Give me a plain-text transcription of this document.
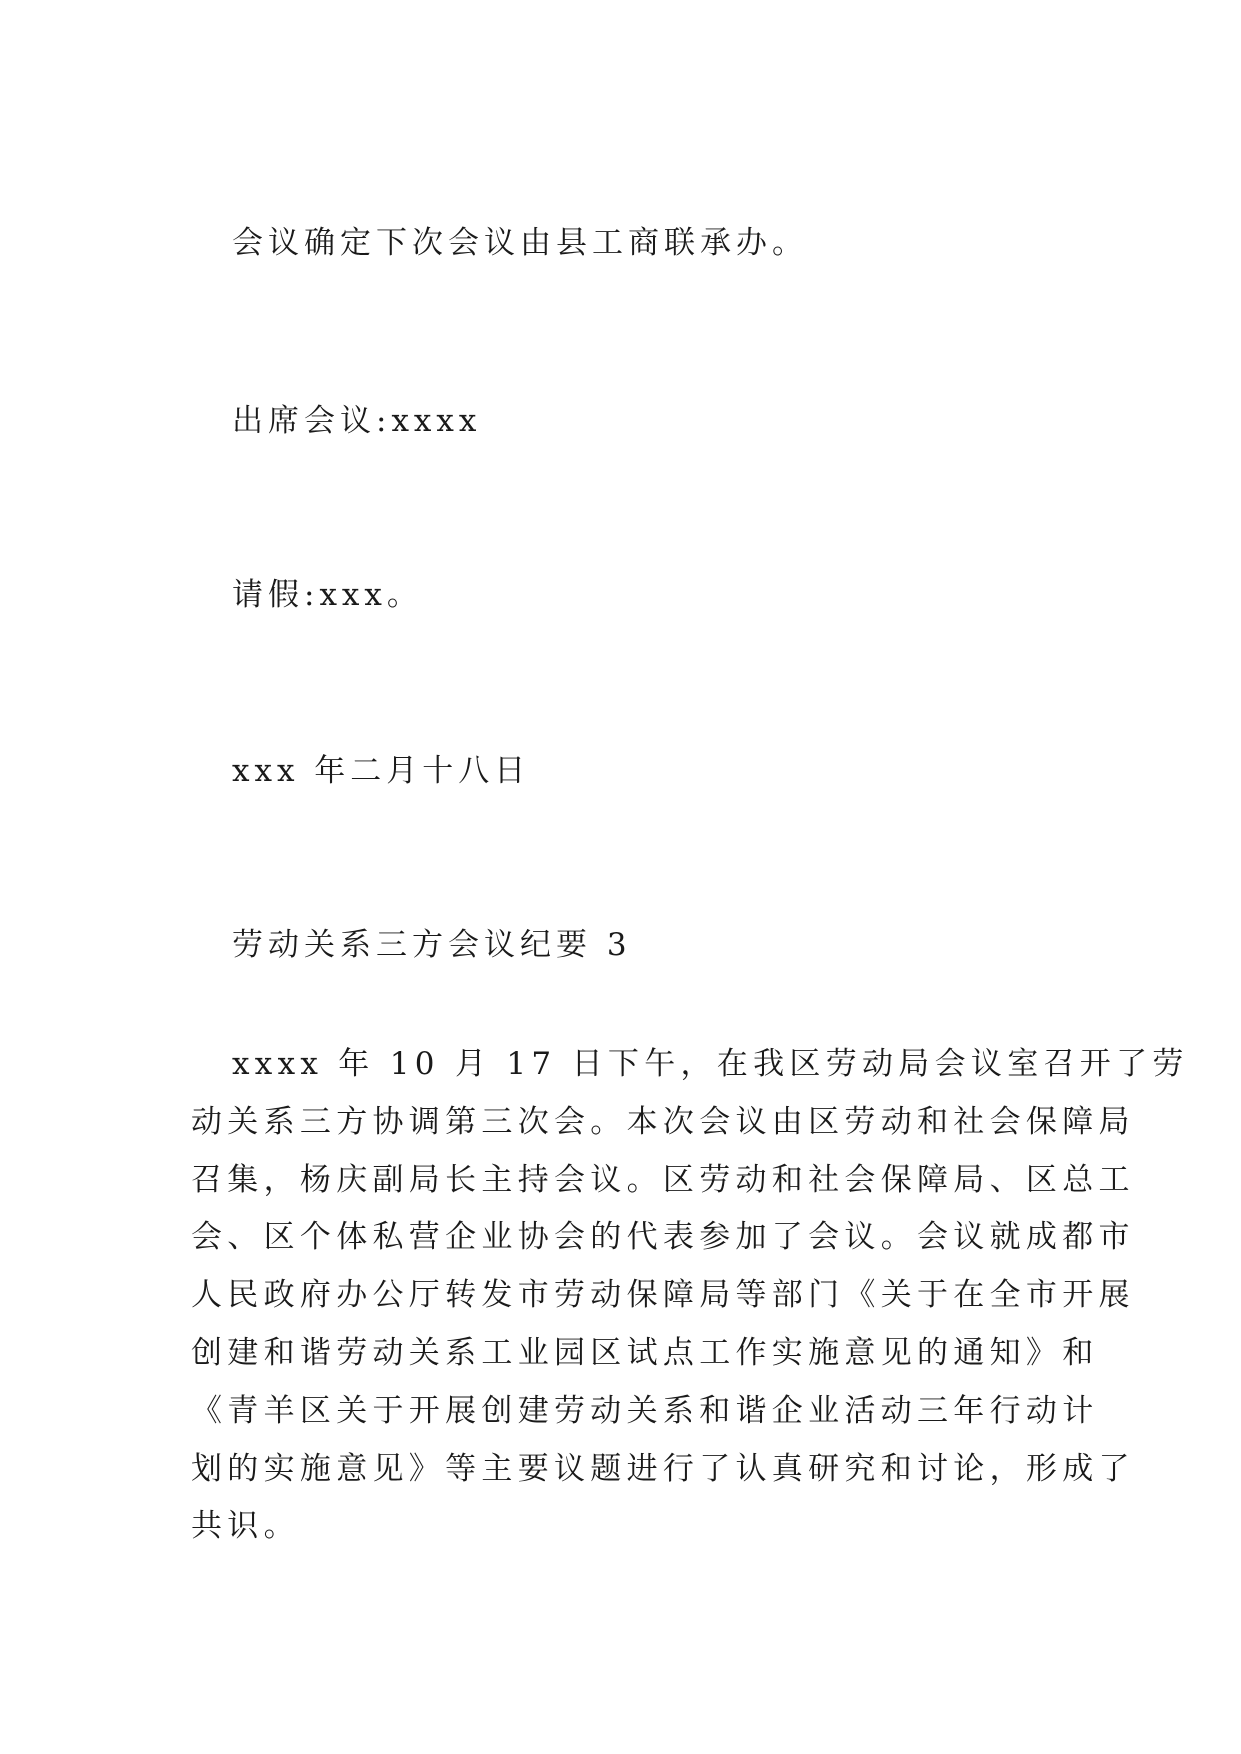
会议确定下次会议由县工商联承办。
出席会议:xxxx
请假:xxx。
xxx 年二月十八日
劳动关系三方会议纪要 3
xxxx 年 10 月 17 日下午，在我区劳动局会议室召开了劳
动关系三方协调第三次会。本次会议由区劳动和社会保障局
召集，杨庆副局长主持会议。区劳动和社会保障局、区总工
会、区个体私营企业协会的代表参加了会议。会议就成都市
人民政府办公厅转发市劳动保障局等部门《关于在全市开展
创建和谐劳动关系工业园区试点工作实施意见的通知》和
《青羊区关于开展创建劳动关系和谐企业活动三年行动计
划的实施意见》等主要议题进行了认真研究和讨论，形成了
共识。
